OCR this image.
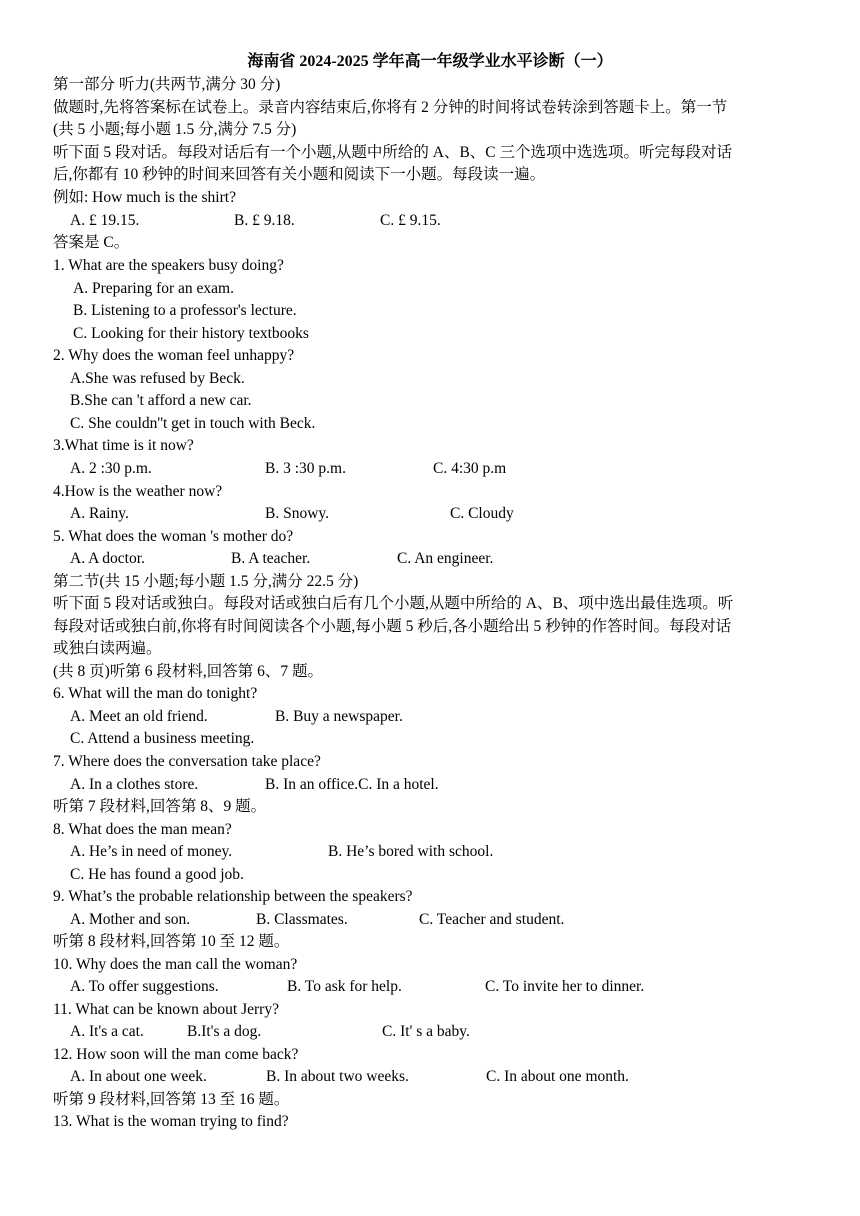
海南省 2024-2025 学年高一年级学业水平诊断（一）
第一部分 听力(共两节,满分 30 分)
做题时,先将答案标在试卷上。录音内容结束后,你将有 2 分钟的时间将试卷转涂到答题卡上。第一节
(共 5 小题;每小题 1.5 分,满分 7.5 分)
听下面 5 段对话。每段对话后有一个小题,从题中所给的 A、B、C 三个选项中选选项。听完每段对话
后,你都有 10 秒钟的时间来回答有关小题和阅读下一小题。每段读一遍。
例如: How much is the shirt?
A. £ 19.15.	B. £ 9.18.	C. £ 9.15.
答案是 C。
1. What are the speakers busy doing?
A. Preparing for an exam.
B. Listening to a professor's lecture.
C. Looking for their history textbooks
2. Why does the woman feel unhappy?
A.She was refused by Beck.
B.She can 't afford a new car.
C. She couldn''t get in touch with Beck.
3.What time is it now?
A. 2 :30 p.m.	B. 3 :30 p.m.	C. 4:30 p.m
4.How is the weather now?
A. Rainy.	B. Snowy.	C. Cloudy
5. What does the woman 's mother do?
A. A doctor.	B. A teacher.	C. An engineer.
第二节(共 15 小题;每小题 1.5 分,满分 22.5 分)
听下面 5 段对话或独白。每段对话或独白后有几个小题,从题中所给的 A、B、项中选出最佳选项。听
每段对话或独白前,你将有时间阅读各个小题,每小题 5 秒后,各小题给出 5 秒钟的作答时间。每段对话
或独白读两遍。
(共 8 页)听第 6 段材料,回答第 6、7 题。
6. What will the man do tonight?
A. Meet an old friend.	B. Buy a newspaper.
C. Attend a business meeting.
7. Where does the conversation take place?
A. In a clothes store.	B. In an office.C. In a hotel.
听第 7 段材料,回答第 8、9 题。
8. What does the man mean?
A. He’s in need of money.	B. He’s bored with school.
C. He has found a good job.
9. What’s the probable relationship between the speakers?
A. Mother and son.	B. Classmates.	C. Teacher and student.
听第 8 段材料,回答第 10 至 12 题。
10. Why does the man call the woman?
A. To offer suggestions.	B. To ask for help.	C. To invite her to dinner.
11. What can be known about Jerry?
A. It's a cat.	B.It's a dog.	C. It' s a baby.
12. How soon will the man come back?
A. In about one week.	B. In about two weeks.	C. In about one month.
听第 9 段材料,回答第 13 至 16 题。
13. What is the woman trying to find?
